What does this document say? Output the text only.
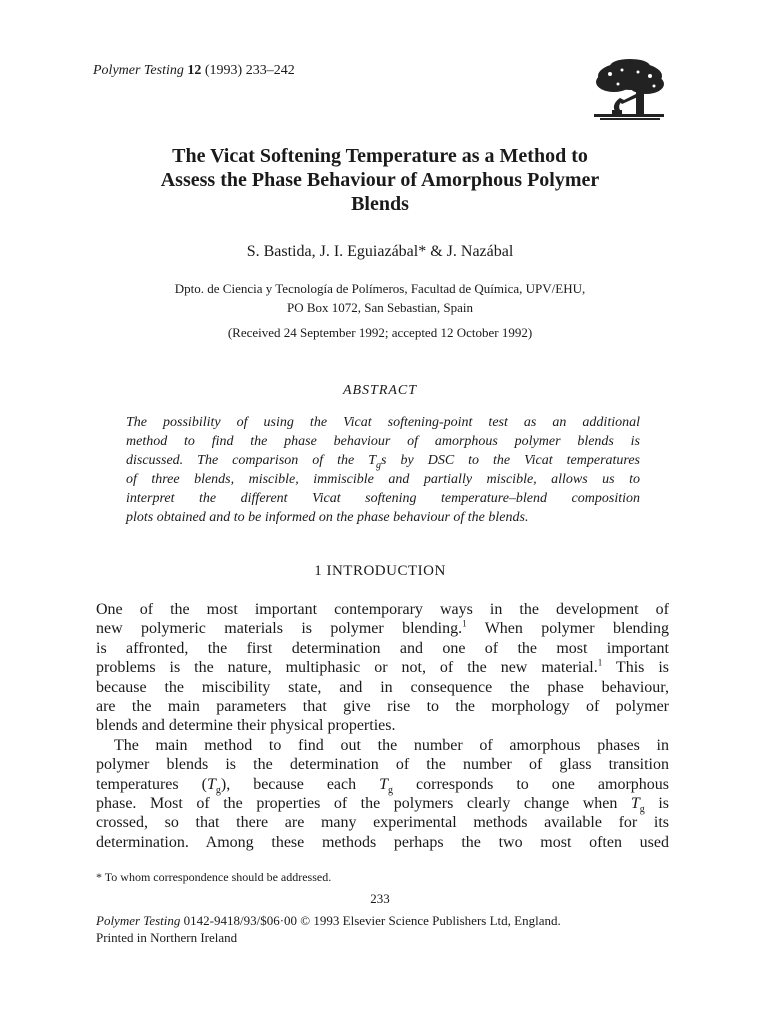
Polymer Testing 12 (1993) 233–242
The Vicat Softening Temperature as a Method to
Assess the Phase Behaviour of Amorphous Polymer
Blends
S. Bastida, J. I. Eguiazábal* & J. Nazábal
Dpto. de Ciencia y Tecnología de Polímeros, Facultad de Química, UPV/EHU,
PO Box 1072, San Sebastian, Spain
(Received 24 September 1992; accepted 12 October 1992)
ABSTRACT
The possibility of using the Vicat softening-point test as an additional
method to find the phase behaviour of amorphous polymer blends is
discussed. The comparison of the $T_gs$ by DSC to the Vicat temperatures
of three blends, miscible, immiscible and partially miscible, allows us to
interpret the different Vicat softening temperature–blend composition
plots obtained and to be informed on the phase behaviour of the blends.
1 INTRODUCTION
One of the most important contemporary ways in the development of
new polymeric materials is polymer blending.$^1$ When polymer blending
is affronted, the first determination and one of the most important
problems is the nature, multiphasic or not, of the new material.$^1$ This is
because the miscibility state, and in consequence the phase behaviour,
are the main parameters that give rise to the morphology of polymer
blends and determine their physical properties.
The main method to find out the number of amorphous phases in
polymer blends is the determination of the number of glass transition
temperatures $(T_g)$, because each $T_g$ corresponds to one amorphous
phase. Most of the properties of the polymers clearly change when $T_g$ is
crossed, so that there are many experimental methods available for its
determination. Among these methods perhaps the two most often used
* To whom correspondence should be addressed.
233
Polymer Testing 0142-9418/93/$06·00 © 1993 Elsevier Science Publishers Ltd, England.
Printed in Northern Ireland
